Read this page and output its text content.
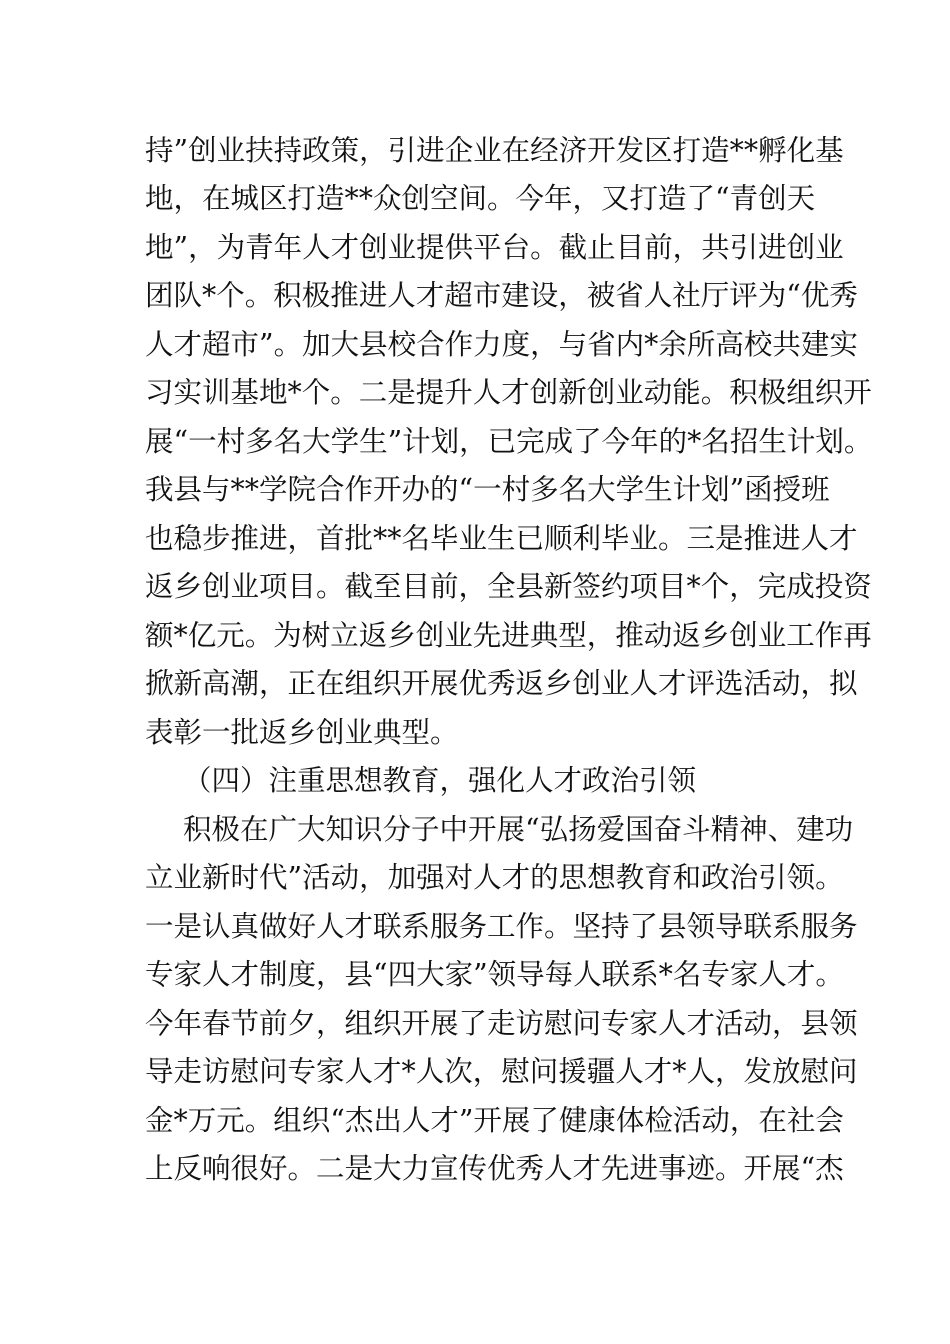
持”创业扶持政策，引进企业在经济开发区打造**孵化基
地，在城区打造**众创空间。今年，又打造了“青创天
地”，为青年人才创业提供平台。截止目前，共引进创业
团队*个。积极推进人才超市建设，被省人社厅评为“优秀
人才超市”。加大县校合作力度，与省内*余所高校共建实
习实训基地*个。二是提升人才创新创业动能。积极组织开
展“一村多名大学生”计划，已完成了今年的*名招生计划。
我县与**学院合作开办的“一村多名大学生计划”函授班
也稳步推进，首批**名毕业生已顺利毕业。三是推进人才
返乡创业项目。截至目前，全县新签约项目*个，完成投资
额*亿元。为树立返乡创业先进典型，推动返乡创业工作再
掀新高潮，正在组织开展优秀返乡创业人才评选活动，拟
表彰一批返乡创业典型。
（四）注重思想教育，强化人才政治引领
积极在广大知识分子中开展“弘扬爱国奋斗精神、建功
立业新时代”活动，加强对人才的思想教育和政治引领。
一是认真做好人才联系服务工作。坚持了县领导联系服务
专家人才制度，县“四大家”领导每人联系*名专家人才。
今年春节前夕，组织开展了走访慰问专家人才活动，县领
导走访慰问专家人才*人次，慰问援疆人才*人，发放慰问
金*万元。组织“杰出人才”开展了健康体检活动，在社会
上反响很好。二是大力宣传优秀人才先进事迹。开展“杰
